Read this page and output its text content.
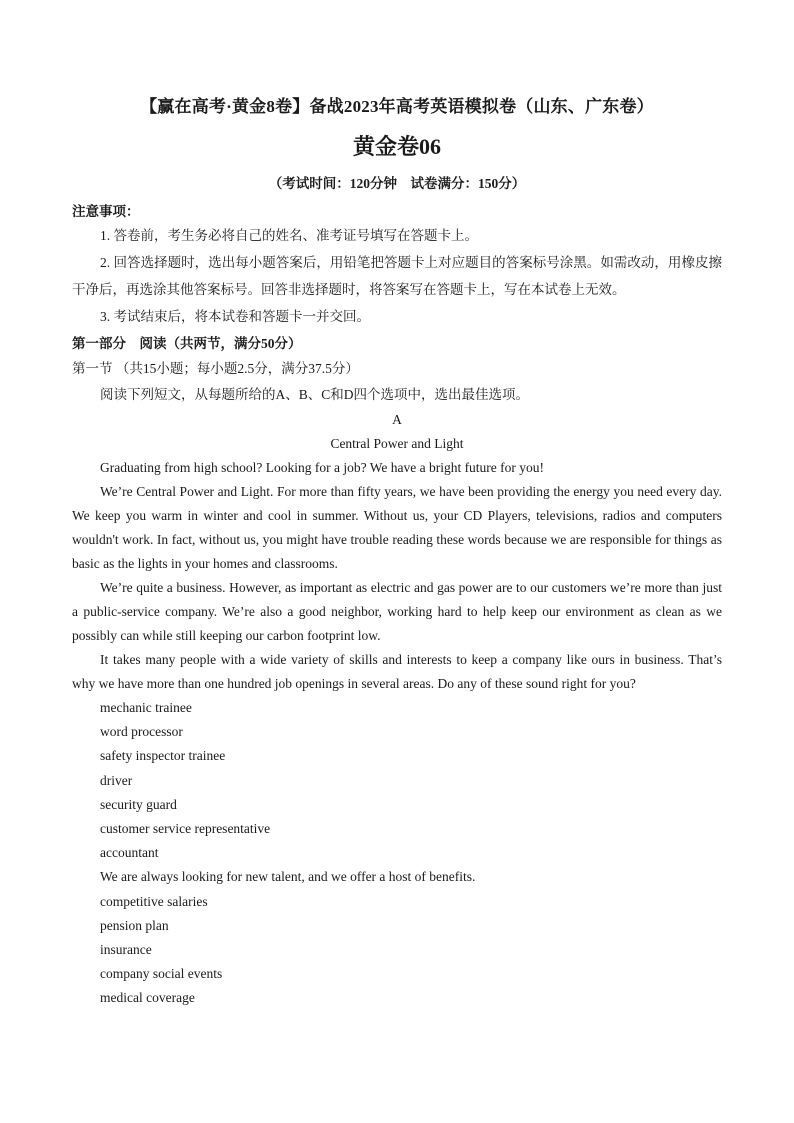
【赢在高考·黄金8卷】备战2023年高考英语模拟卷（山东、广东卷）
黄金卷06
（考试时间：120分钟　试卷满分：150分）
注意事项：

1. 答卷前，考生务必将自己的姓名、准考证号填写在答题卡上。

2. 回答选择题时，选出每小题答案后，用铅笔把答题卡上对应题目的答案标号涂黑。如需改动，用橡皮擦干净后，再选涂其他答案标号。回答非选择题时，将答案写在答题卡上，写在本试卷上无效。

3. 考试结束后，将本试卷和答题卡一并交回。

第一部分　阅读（共两节，满分50分）
第一节 （共15小题；每小题2.5分，满分37.5分）
阅读下列短文，从每题所给的A、B、C和D四个选项中，选出最佳选项。
A
Central Power and Light

Graduating from high school? Looking for a job? We have a bright future for you!

We’re Central Power and Light. For more than fifty years, we have been providing the energy you need every day. We keep you warm in winter and cool in summer. Without us, your CD Players, televisions, radios and computers wouldn't work. In fact, without us, you might have trouble reading these words because we are responsible for things as basic as the lights in your homes and classrooms.

We’re quite a business. However, as important as electric and gas power are to our customers we’re more than just a public-service company. We’re also a good neighbor, working hard to help keep our environment as clean as we possibly can while still keeping our carbon footprint low.

It takes many people with a wide variety of skills and interests to keep a company like ours in business. That’s why we have more than one hundred job openings in several areas. Do any of these sound right for you?

mechanic trainee
word processor
safety inspector trainee
driver
security guard
customer service representative
accountant
We are always looking for new talent, and we offer a host of benefits.
competitive salaries
pension plan
insurance
company social events
medical coverage
